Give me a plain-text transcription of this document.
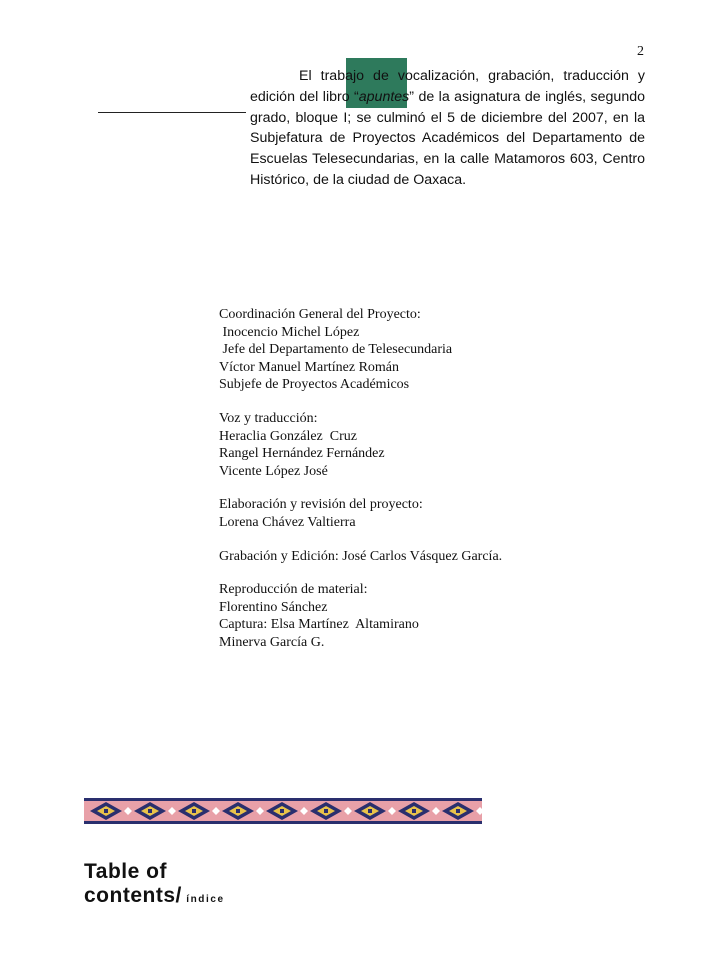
2
El trabajo de vocalización, grabación, traducción y edición del libro “apuntes” de la asignatura de inglés, segundo grado, bloque I; se culminó el 5 de diciembre del 2007, en la Subjefatura de Proyectos Académicos del Departamento de Escuelas Telesecundarias, en la calle Matamoros 603, Centro Histórico, de la ciudad de Oaxaca.
Coordinación General del Proyecto:
Inocencio Michel López
Jefe del Departamento de Telesecundaria
Víctor Manuel Martínez Román
Subjefe de Proyectos Académicos
Voz y traducción:
Heraclia González  Cruz
Rangel Hernández Fernández
Vicente López José
Elaboración y revisión del proyecto:
Lorena Chávez Valtierra
Grabación y Edición: José Carlos Vásquez García.
Reproducción de material:
Florentino Sánchez
Captura: Elsa Martínez  Altamirano
Minerva García G.
Table of
contents/ índice
